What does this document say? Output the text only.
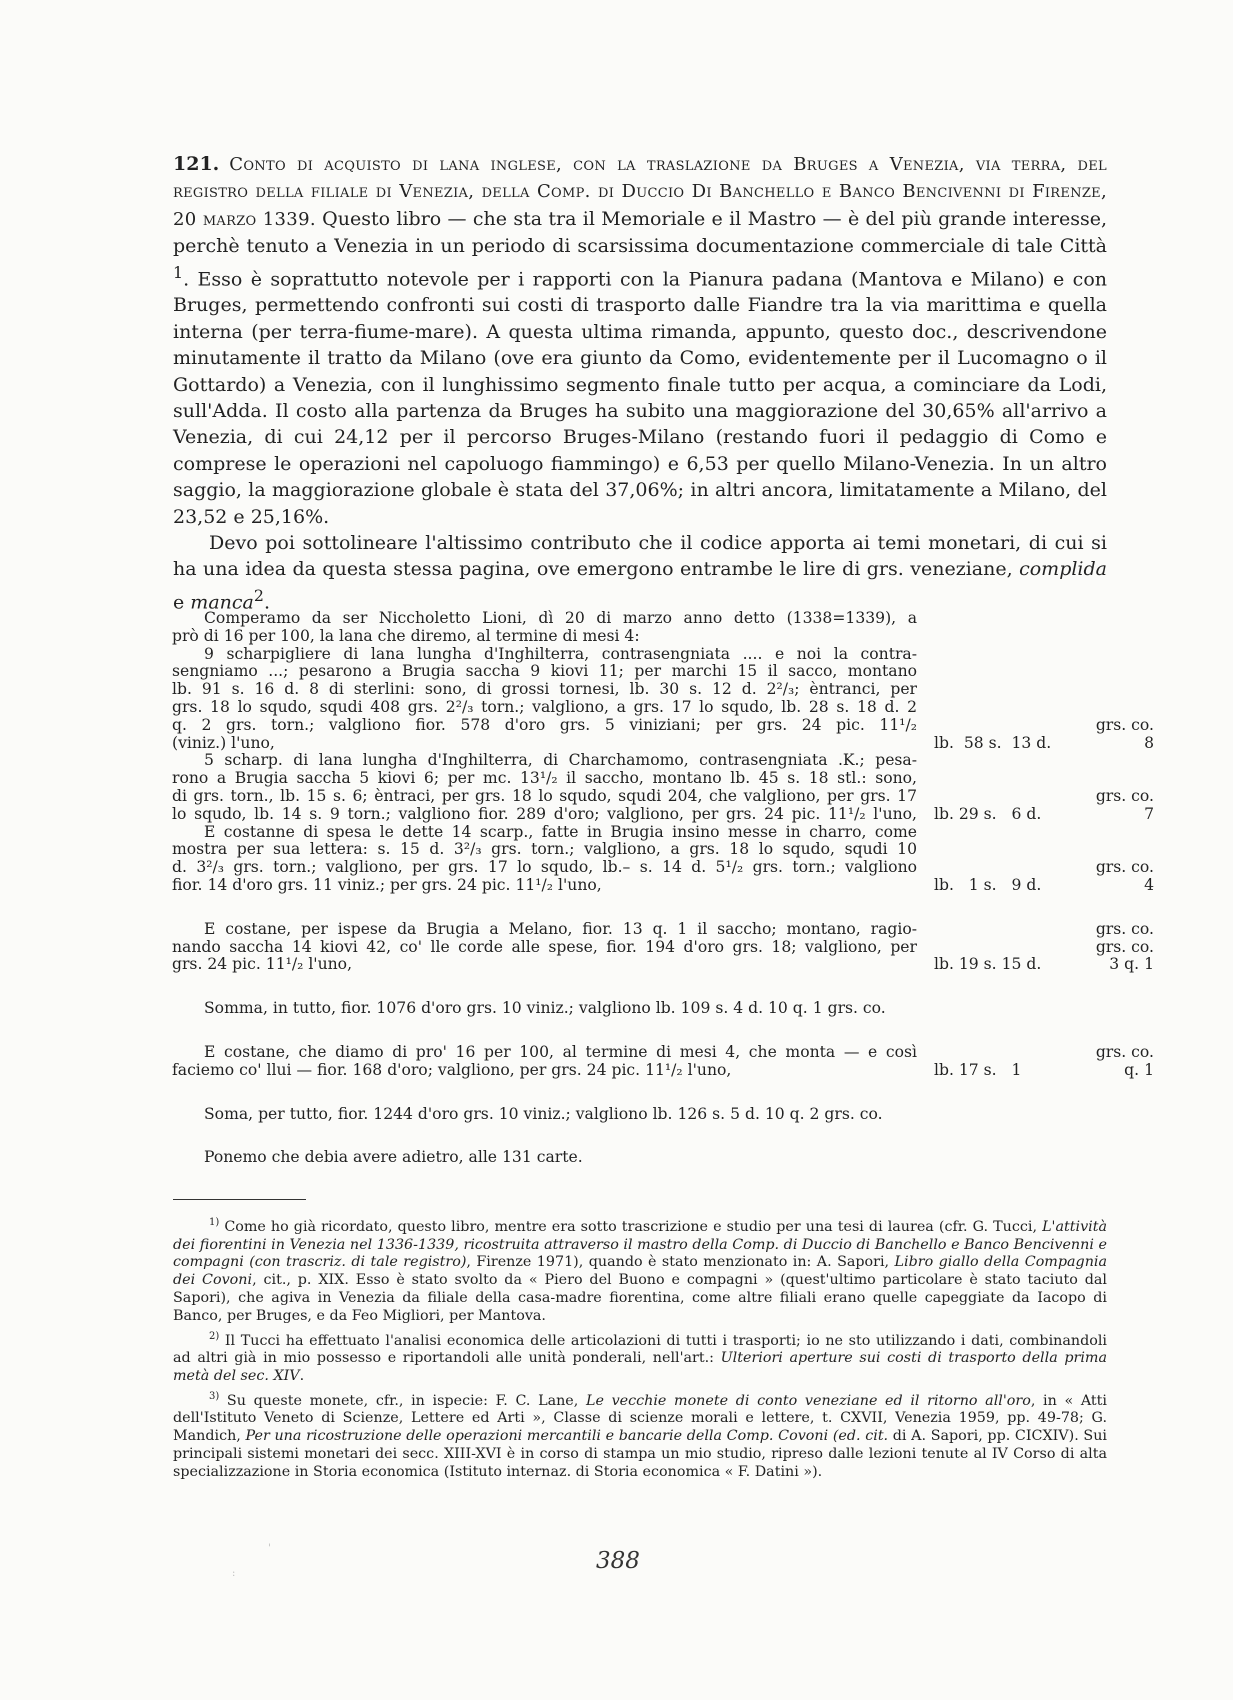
121. Conto di acquisto di lana inglese, con la traslazione da Bruges a Venezia, via terra, del registro della filiale di Venezia, della Comp. di Duccio Di Banchello e Banco Bencivenni di Firenze, 20 marzo 1339. Questo libro — che sta tra il Memoriale e il Mastro — è del più grande interesse, perchè tenuto a Venezia in un periodo di scarsissima documentazione commerciale di tale Città $^1$. Esso è soprattutto notevole per i rapporti con la Pianura padana (Mantova e Milano) e con Bruges, permettendo confronti sui costi di trasporto dalle Fiandre tra la via marittima e quella interna (per terra-fiume-mare). A questa ultima rimanda, appunto, questo doc., descrivendone minutamente il tratto da Milano (ove era giunto da Como, evidentemente per il Lucomagno o il Gottardo) a Venezia, con il lunghissimo segmento finale tutto per acqua, a cominciare da Lodi, sull'Adda. Il costo alla partenza da Bruges ha subito una maggiorazione del 30,65% all'arrivo a Venezia, di cui 24,12 per il percorso Bruges-Milano (restando fuori il pedaggio di Como e comprese le operazioni nel capoluogo fiammingo) e 6,53 per quello Milano-Venezia. In un altro saggio, la maggiorazione globale è stata del 37,06%; in altri ancora, limitatamente a Milano, del 23,52 e 25,16%.

Devo poi sottolineare l'altissimo contributo che il codice apporta ai temi monetari, di cui si ha una idea da questa stessa pagina, ove emergono entrambe le lire di grs. veneziane, complida e manca$^2$.

Comperamo da ser Niccholetto Lioni, dì 20 di marzo anno detto (1338=1339), a
prò di 16 per 100, la lana che diremo, al termine di mesi 4:
9 scharpigliere di lana lungha d'Inghilterra, contrasengniata .... e noi la contra-
sengniamo ...; pesarono a Brugia saccha 9 kiovi 11; per marchi 15 il sacco, montano
lb. 91 s. 16 d. 8 di sterlini: sono, di grossi tornesi, lb. 30 s. 12 d. 2²/₃; èntranci, per
grs. 18 lo squdo, squdi 408 grs. 2²/₃ torn.; valgliono, a grs. 17 lo squdo, lb. 28 s. 18 d. 2
q. 2 grs. torn.; valgliono fior. 578 d'oro grs. 5 viniziani; per grs. 24 pic. 11¹/₂	grs. co.
(viniz.) l'uno,	lb.  58 s.  13 d.	8
5 scharp. di lana lungha d'Inghilterra, di Charchamomo, contrasengniata .K.; pesa-
rono a Brugia saccha 5 kiovi 6; per mc. 13¹/₂ il saccho, montano lb. 45 s. 18 stl.: sono,
di grs. torn., lb. 15 s. 6; èntraci, per grs. 18 lo squdo, squdi 204, che valgliono, per grs. 17	grs. co.
lo squdo, lb. 14 s. 9 torn.; valgliono fior. 289 d'oro; valgliono, per grs. 24 pic. 11¹/₂ l'uno,	lb. 29 s.   6 d.	7
E costanne di spesa le dette 14 scarp., fatte in Brugia insino messe in charro, come
mostra per sua lettera: s. 15 d. 3²/₃ grs. torn.; valgliono, a grs. 18 lo squdo, squdi 10
d. 3²/₃ grs. torn.; valgliono, per grs. 17 lo squdo, lb.– s. 14 d. 5¹/₂ grs. torn.; valgliono	grs. co.
fior. 14 d'oro grs. 11 viniz.; per grs. 24 pic. 11¹/₂ l'uno,	lb.   1 s.   9 d.	4
E costane, per ispese da Brugia a Melano, fior. 13 q. 1 il saccho; montano, ragio-	grs. co.
nando saccha 14 kiovi 42, co' lle corde alle spese, fior. 194 d'oro grs. 18; valgliono, per	grs. co.
grs. 24 pic. 11¹/₂ l'uno,	lb. 19 s. 15 d.	3 q. 1
Somma, in tutto, fior. 1076 d'oro grs. 10 viniz.; valgliono lb. 109 s. 4 d. 10 q. 1 grs. co.
E costane, che diamo di pro' 16 per 100, al termine di mesi 4, che monta — e così	grs. co.
faciemo co' llui — fior. 168 d'oro; valgliono, per grs. 24 pic. 11¹/₂ l'uno,	lb. 17 s.   1	q. 1
Soma, per tutto, fior. 1244 d'oro grs. 10 viniz.; valgliono lb. 126 s. 5 d. 10 q. 2 grs. co.
Ponemo che debia avere adietro, alle 131 carte.

$^{1)}$ Come ho già ricordato, questo libro, mentre era sotto trascrizione e studio per una tesi di laurea (cfr. G. Tucci, L'attività dei fiorentini in Venezia nel 1336-1339, ricostruita attraverso il mastro della Comp. di Duccio di Banchello e Banco Bencivenni e compagni (con trascriz. di tale registro), Firenze 1971), quando è stato menzionato in: A. Sapori, Libro giallo della Compagnia dei Covoni, cit., p. XIX. Esso è stato svolto da « Piero del Buono e compagni » (quest'ultimo particolare è stato taciuto dal Sapori), che agiva in Venezia da filiale della casa-madre fiorentina, come altre filiali erano quelle capeggiate da Iacopo di Banco, per Bruges, e da Feo Migliori, per Mantova.

$^{2)}$ Il Tucci ha effettuato l'analisi economica delle articolazioni di tutti i trasporti; io ne sto utilizzando i dati, combinandoli ad altri già in mio possesso e riportandoli alle unità ponderali, nell'art.: Ulteriori aperture sui costi di trasporto della prima metà del sec. XIV.

$^{3)}$ Su queste monete, cfr., in ispecie: F. C. Lane, Le vecchie monete di conto veneziane ed il ritorno all'oro, in « Atti dell'Istituto Veneto di Scienze, Lettere ed Arti », Classe di scienze morali e lettere, t. CXVII, Venezia 1959, pp. 49-78; G. Mandich, Per una ricostruzione delle operazioni mercantili e bancarie della Comp. Covoni (ed. cit. di A. Sapori, pp. CICXIV). Sui principali sistemi monetari dei secc. XIII-XVI è in corso di stampa un mio studio, ripreso dalle lezioni tenute al IV Corso di alta specializzazione in Storia economica (Istituto internaz. di Storia economica « F. Datini »).

388
'
:
